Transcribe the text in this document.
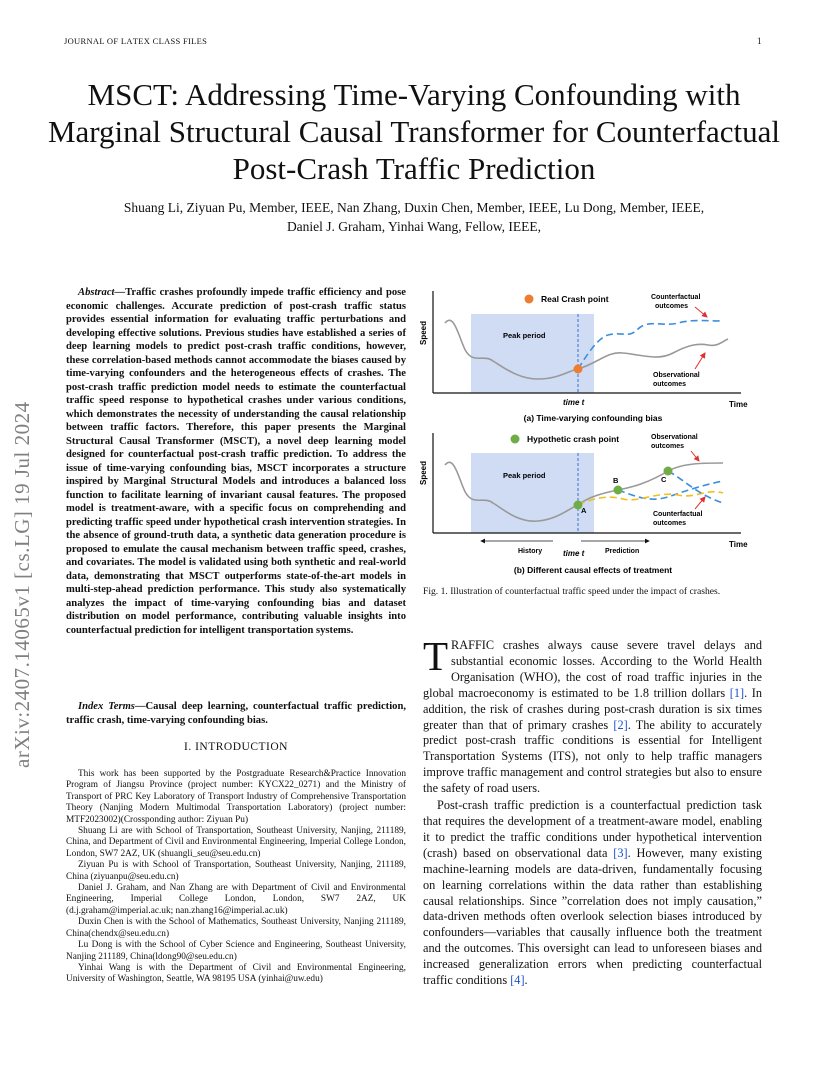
JOURNAL OF LΑTΕX CLASS FILES	1
arXiv:2407.14065v1 [cs.LG] 19 Jul 2024
MSCT: Addressing Time-Varying Confounding with Marginal Structural Causal Transformer for Counterfactual Post-Crash Traffic Prediction
Shuang Li, Ziyuan Pu, Member, IEEE, Nan Zhang, Duxin Chen, Member, IEEE, Lu Dong, Member, IEEE,
Daniel J. Graham, Yinhai Wang, Fellow, IEEE,
Abstract—Traffic crashes profoundly impede traffic efficiency and pose economic challenges. Accurate prediction of post-crash traffic status provides essential information for evaluating traffic perturbations and developing effective solutions. Previous studies have established a series of deep learning models to predict post-crash traffic conditions, however, these correlation-based methods cannot accommodate the biases caused by time-varying confounders and the heterogeneous effects of crashes. The post-crash traffic prediction model needs to estimate the counterfactual traffic speed response to hypothetical crashes under various conditions, which demonstrates the necessity of understanding the causal relationship between traffic factors. Therefore, this paper presents the Marginal Structural Causal Transformer (MSCT), a novel deep learning model designed for counterfactual post-crash traffic prediction. To address the issue of time-varying confounding bias, MSCT incorporates a structure inspired by Marginal Structural Models and introduces a balanced loss function to facilitate learning of invariant causal features. The proposed model is treatment-aware, with a specific focus on comprehending and predicting traffic speed under hypothetical crash intervention strategies. In the absence of ground-truth data, a synthetic data generation procedure is proposed to emulate the causal mechanism between traffic speed, crashes, and covariates. The model is validated using both synthetic and real-world data, demonstrating that MSCT outperforms state-of-the-art models in multi-step-ahead prediction performance. This study also systematically analyzes the impact of time-varying confounding bias and dataset distribution on model performance, contributing valuable insights into counterfactual prediction for intelligent transportation systems.
Index Terms—Causal deep learning, counterfactual traffic prediction, traffic crash, time-varying confounding bias.
I. INTRODUCTION

This work has been supported by the Postgraduate Research&Practice Innovation Program of Jiangsu Province (project number: KYCX22_0271) and the Ministry of Transport of PRC Key Laboratory of Transport Industry of Comprehensive Transportation Theory (Nanjing Modern Multimodal Transportation Laboratory) (project number: MTF2023002)(Crossponding author: Ziyuan Pu)

Shuang Li are with School of Transportation, Southeast University, Nanjing, 211189, China, and Department of Civil and Environmental Engineering, Imperial College London, London, SW7 2AZ, UK (shuangli_seu@seu.edu.cn)

Ziyuan Pu is with School of Transportation, Southeast University, Nanjing, 211189, China (ziyuanpu@seu.edu.cn)

Daniel J. Graham, and Nan Zhang are with Department of Civil and Environmental Engineering, Imperial College London, London, SW7 2AZ, UK (d.j.graham@imperial.ac.uk; nan.zhang16@imperial.ac.uk)

Duxin Chen is with the School of Mathematics, Southeast University, Nanjing 211189, China(chendx@seu.edu.cn)

Lu Dong is with the School of Cyber Science and Engineering, Southeast University, Nanjing 211189, China(ldong90@seu.edu.cn)

Yinhai Wang is with the Department of Civil and Environmental Engineering, University of Washington, Seattle, WA 98195 USA (yinhai@uw.edu)

Speed
Time
Real Crash point
Peak period
time t
Counterfactual
outcomes
Observational
outcomes
(a) Time-varying confounding bias
Speed
Time
Hypothetic crash point
Peak period
A
B	C
time t
History	Prediction
Observational
outcomes
Counterfactual
outcomes
(b) Different causal effects of treatment
Fig. 1. Illustration of counterfactual traffic speed under the impact of crashes.

TRAFFIC crashes always cause severe travel delays and substantial economic losses. According to the World Health Organisation (WHO), the cost of road traffic injuries in the global macroeconomy is estimated to be 1.8 trillion dollars [1]. In addition, the risk of crashes during post-crash duration is six times greater than that of primary crashes [2]. The ability to accurately predict post-crash traffic conditions is essential for Intelligent Transportation Systems (ITS), not only to help traffic managers improve traffic management and control strategies but also to ensure the safety of road users.

Post-crash traffic prediction is a counterfactual prediction task that requires the development of a treatment-aware model, enabling it to predict the traffic conditions under hypothetical intervention (crash) based on observational data [3]. However, many existing machine-learning models are data-driven, fundamentally focusing on learning correlations within the data rather than establishing causal relationships. Since ”correlation does not imply causation,” data-driven methods often overlook selection biases introduced by confounders—variables that causally influence both the treatment and the outcomes. This oversight can lead to unforeseen biases and increased generalization errors when predicting counterfactual traffic conditions [4].
